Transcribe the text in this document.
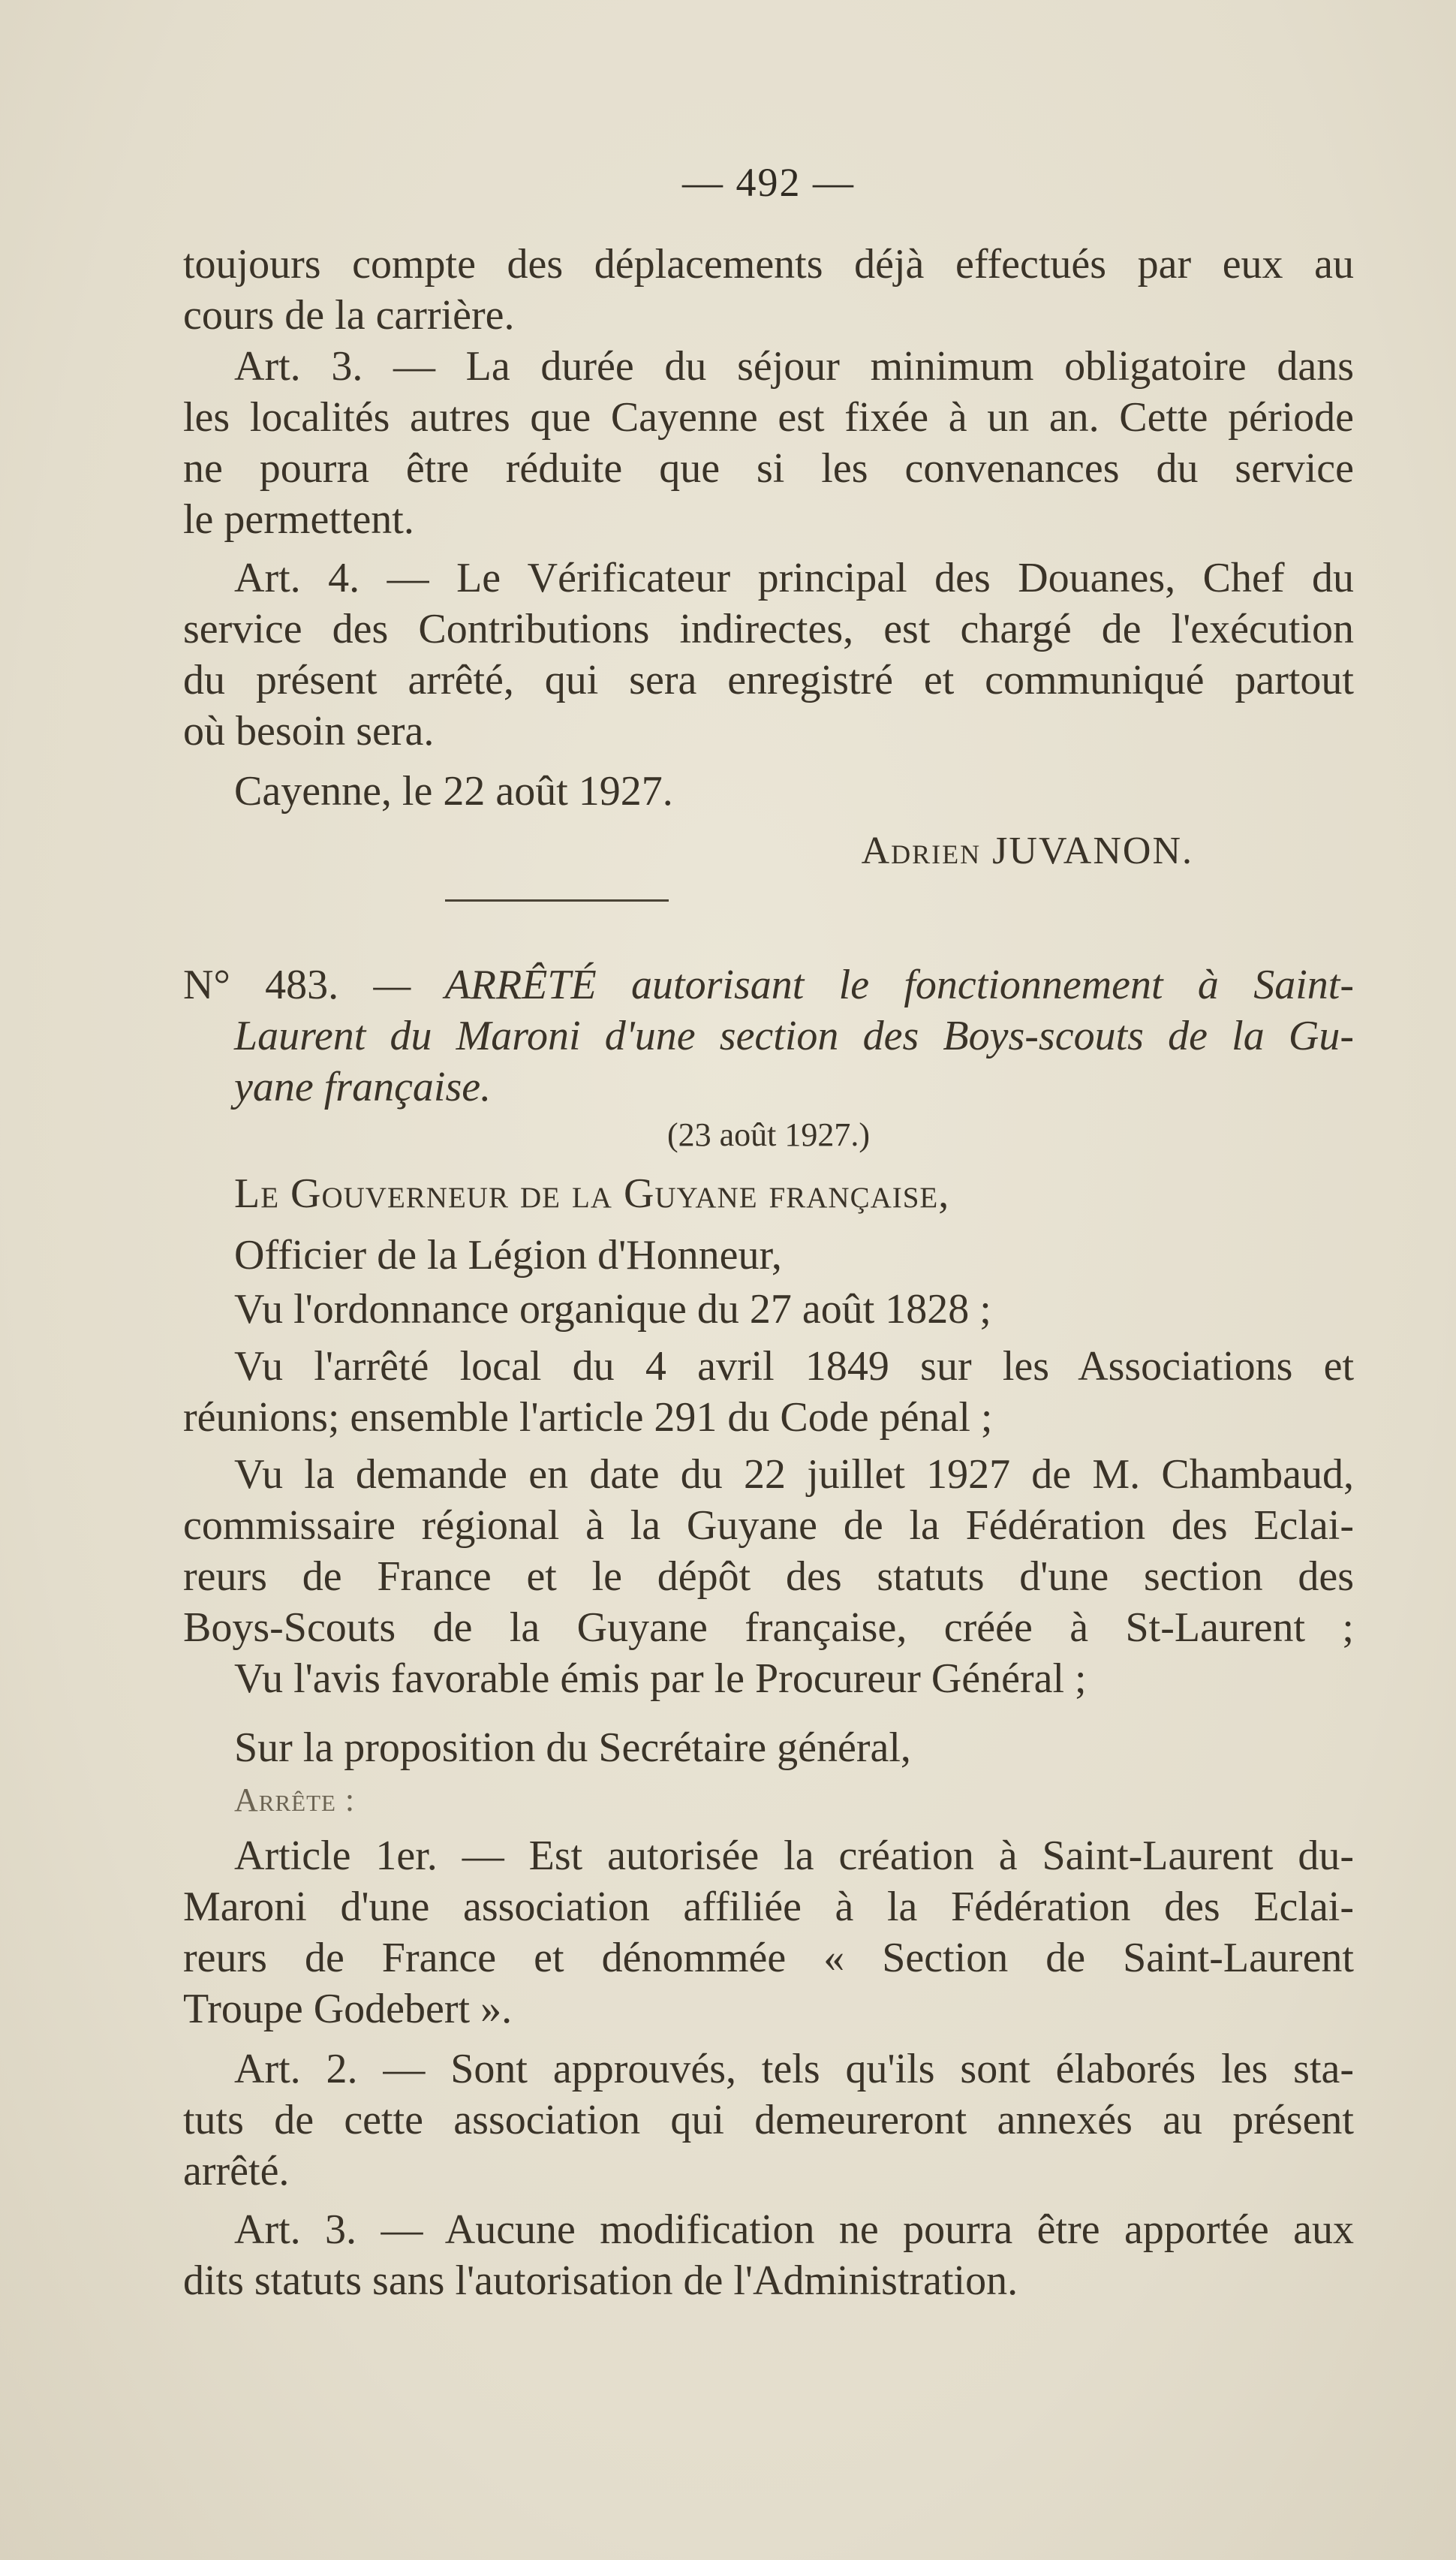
— 492 —
toujours compte des déplacements déjà effectués par eux au
cours de la carrière.
Art. 3. — La durée du séjour minimum obligatoire dans
les localités autres que Cayenne est fixée à un an. Cette période
ne pourra être réduite que si les convenances du service
le permettent.
Art. 4. — Le Vérificateur principal des Douanes, Chef du
service des Contributions indirectes, est chargé de l'exécution
du présent arrêté, qui sera enregistré et communiqué partout
où besoin sera.
Cayenne, le 22 août 1927.
Adrien JUVANON.
N° 483. — ARRÊTÉ autorisant le fonctionnement à Saint-
Laurent du Maroni d'une section des Boys-scouts de la Gu-
yane française.
(23 août 1927.)
Le Gouverneur de la Guyane française,
Officier de la Légion d'Honneur,
Vu l'ordonnance organique du 27 août 1828 ;
Vu l'arrêté local du 4 avril 1849 sur les Associations et
réunions; ensemble l'article 291 du Code pénal ;
Vu la demande en date du 22 juillet 1927 de M. Chambaud,
commissaire régional à la Guyane de la Fédération des Eclai-
reurs de France et le dépôt des statuts d'une section des
Boys-Scouts de la Guyane française, créée à St-Laurent ;
Vu l'avis favorable émis par le Procureur Général ;
Sur la proposition du Secrétaire général,
Arrête :
Article 1er. — Est autorisée la création à Saint-Laurent du-
Maroni d'une association affiliée à la Fédération des Eclai-
reurs de France et dénommée « Section de Saint-Laurent
Troupe Godebert ».
Art. 2. — Sont approuvés, tels qu'ils sont élaborés les sta-
tuts de cette association qui demeureront annexés au présent
arrêté.
Art. 3. — Aucune modification ne pourra être apportée aux
dits statuts sans l'autorisation de l'Administration.
